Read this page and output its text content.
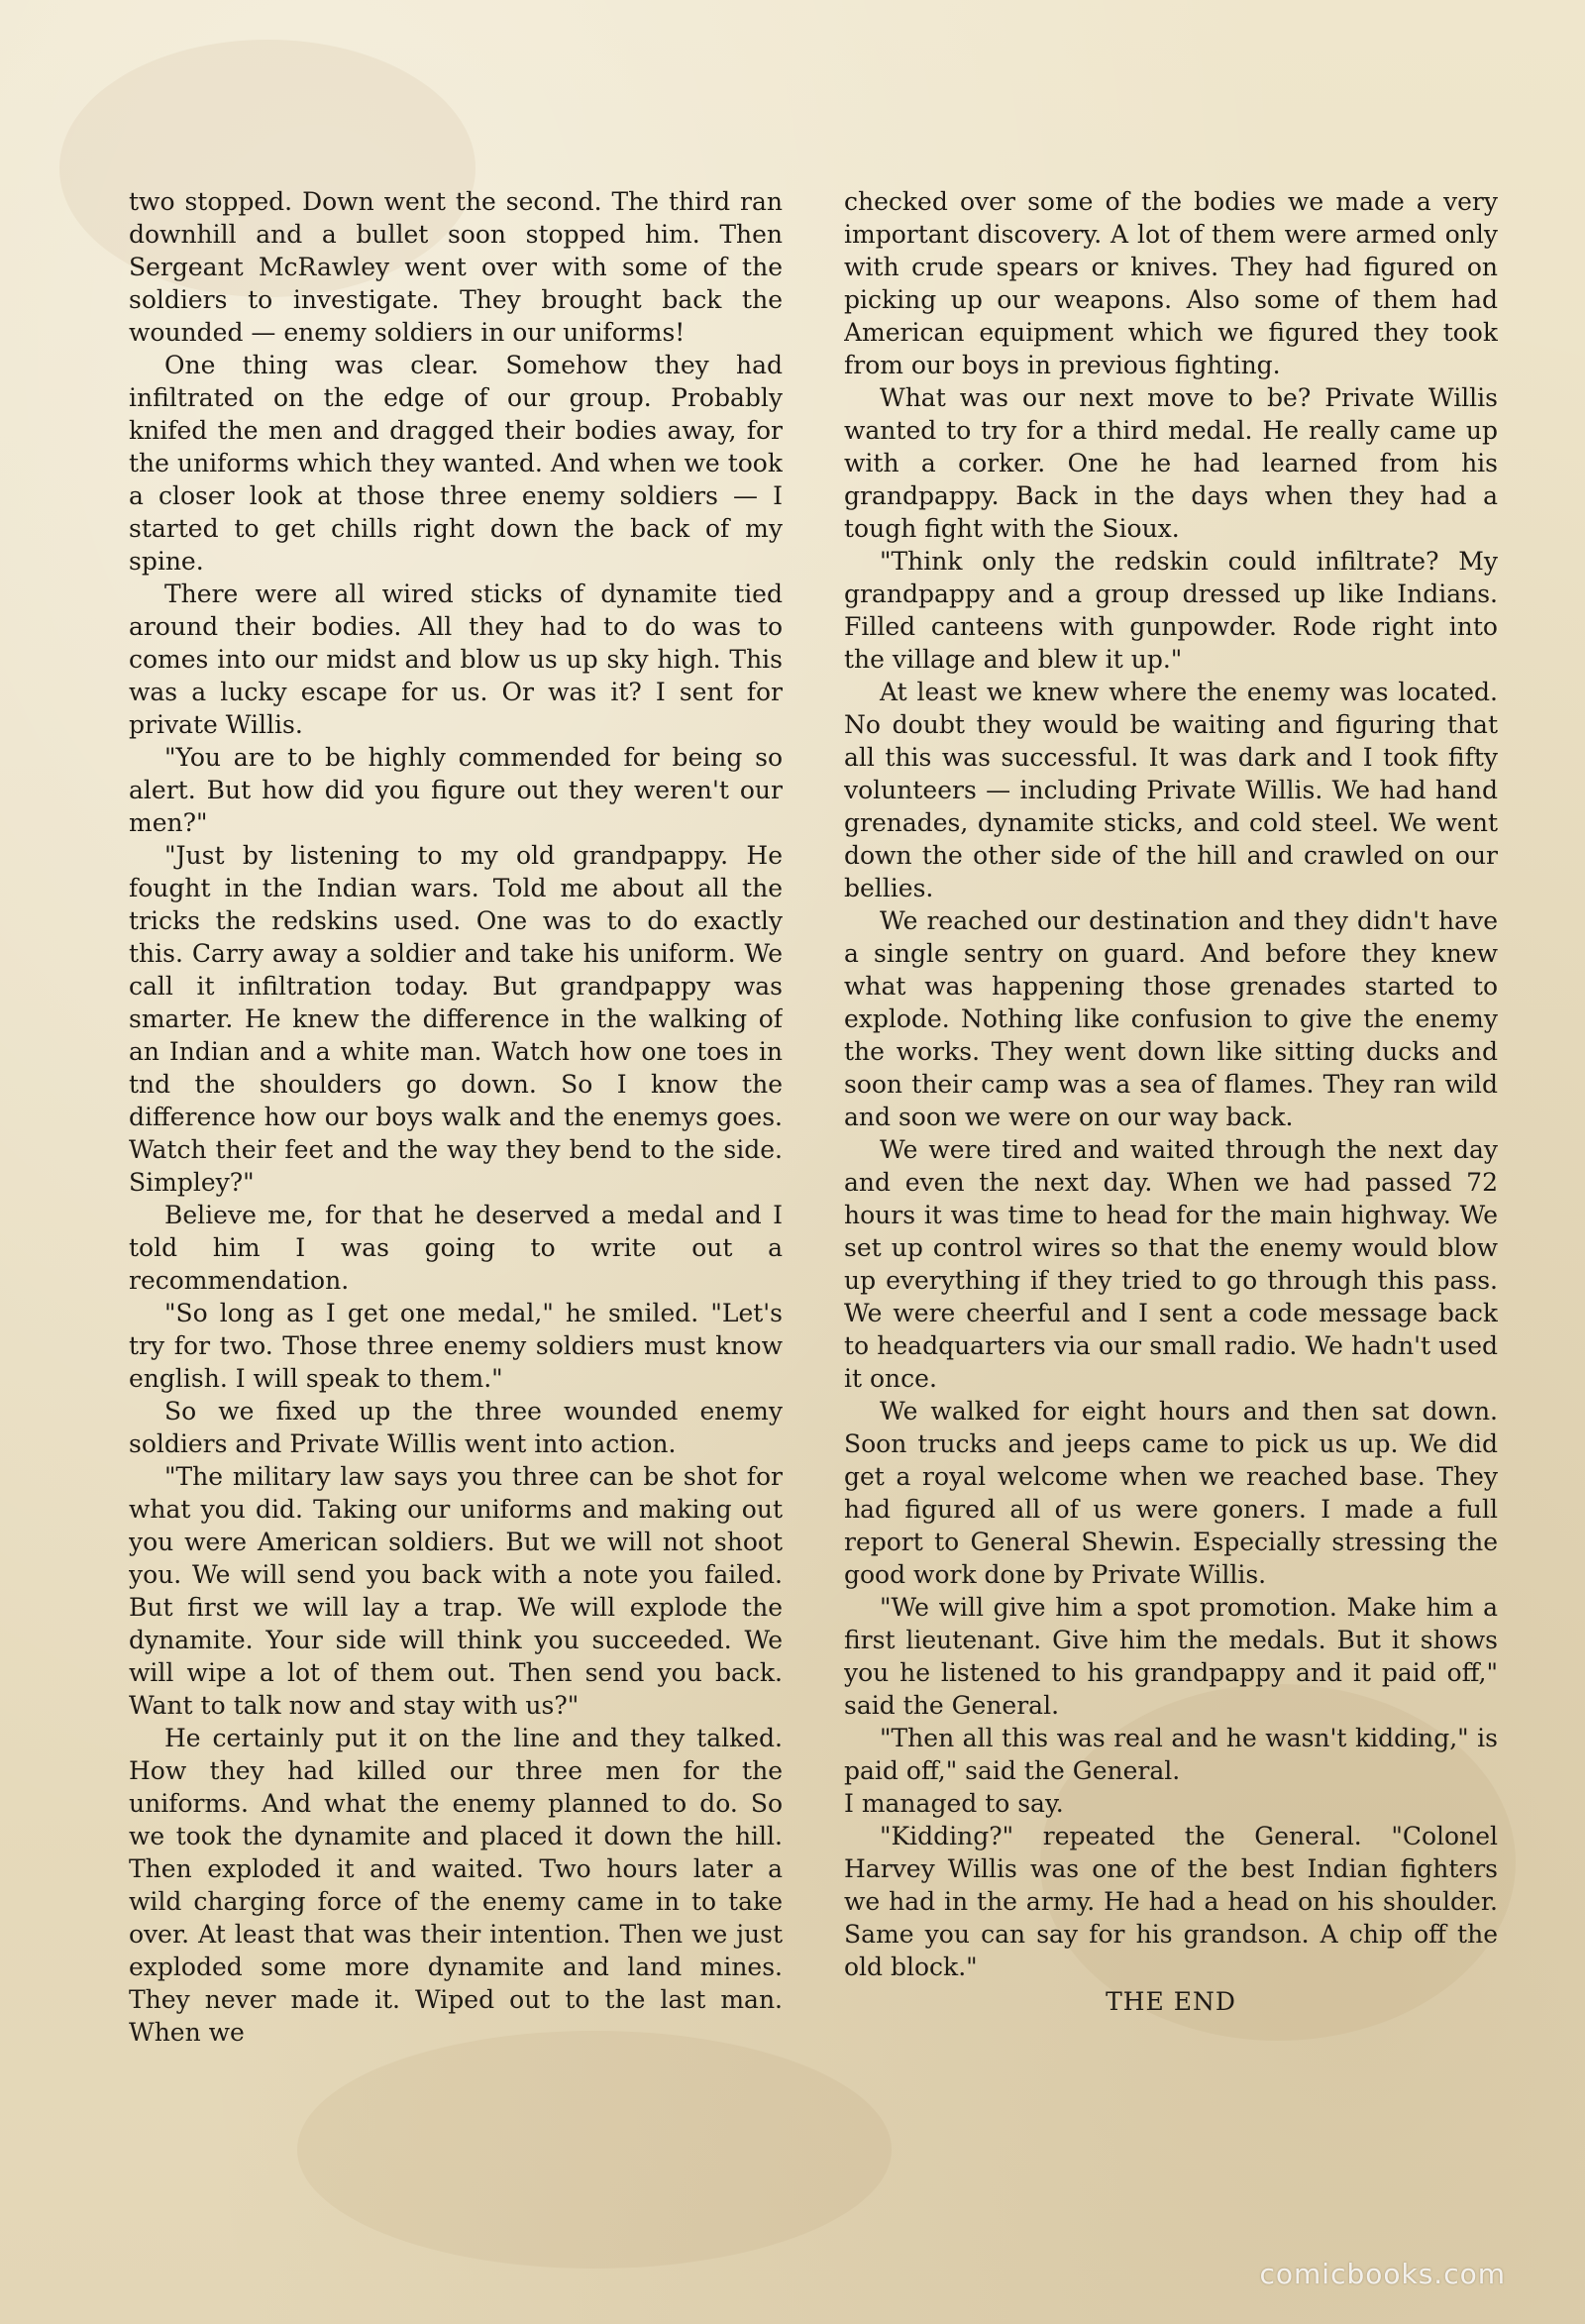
two stopped. Down went the second. The third ran downhill and a bullet soon stopped him. Then Sergeant McRawley went over with some of the soldiers to investigate. They brought back the wounded — enemy soldiers in our uniforms!

One thing was clear. Somehow they had infiltrated on the edge of our group. Probably knifed the men and dragged their bodies away, for the uniforms which they wanted. And when we took a closer look at those three enemy soldiers — I started to get chills right down the back of my spine.

There were all wired sticks of dynamite tied around their bodies. All they had to do was to comes into our midst and blow us up sky high. This was a lucky escape for us. Or was it? I sent for private Willis.

"You are to be highly commended for being so alert. But how did you figure out they weren't our men?"

"Just by listening to my old grandpappy. He fought in the Indian wars. Told me about all the tricks the redskins used. One was to do exactly this. Carry away a soldier and take his uniform. We call it infiltration today. But grandpappy was smarter. He knew the difference in the walking of an Indian and a white man. Watch how one toes in tnd the shoulders go down. So I know the difference how our boys walk and the enemys goes. Watch their feet and the way they bend to the side. Simpley?"

Believe me, for that he deserved a medal and I told him I was going to write out a recommendation.

"So long as I get one medal," he smiled. "Let's try for two. Those three enemy soldiers must know english. I will speak to them."

So we fixed up the three wounded enemy soldiers and Private Willis went into action.

"The military law says you three can be shot for what you did. Taking our uniforms and making out you were American soldiers. But we will not shoot you. We will send you back with a note you failed. But first we will lay a trap. We will explode the dynamite. Your side will think you succeeded. We will wipe a lot of them out. Then send you back. Want to talk now and stay with us?"

He certainly put it on the line and they talked. How they had killed our three men for the uniforms. And what the enemy planned to do. So we took the dynamite and placed it down the hill. Then exploded it and waited. Two hours later a wild charging force of the enemy came in to take over. At least that was their intention. Then we just exploded some more dynamite and land mines. They never made it. Wiped out to the last man. When we

checked over some of the bodies we made a very important discovery. A lot of them were armed only with crude spears or knives. They had figured on picking up our weapons. Also some of them had American equipment which we figured they took from our boys in previous fighting.

What was our next move to be? Private Willis wanted to try for a third medal. He really came up with a corker. One he had learned from his grandpappy. Back in the days when they had a tough fight with the Sioux.

"Think only the redskin could infiltrate? My grandpappy and a group dressed up like Indians. Filled canteens with gunpowder. Rode right into the village and blew it up."

At least we knew where the enemy was located. No doubt they would be waiting and figuring that all this was successful. It was dark and I took fifty volunteers — including Private Willis. We had hand grenades, dynamite sticks, and cold steel. We went down the other side of the hill and crawled on our bellies.

We reached our destination and they didn't have a single sentry on guard. And before they knew what was happening those grenades started to explode. Nothing like confusion to give the enemy the works. They went down like sitting ducks and soon their camp was a sea of flames. They ran wild and soon we were on our way back.

We were tired and waited through the next day and even the next day. When we had passed 72 hours it was time to head for the main highway. We set up control wires so that the enemy would blow up everything if they tried to go through this pass. We were cheerful and I sent a code message back to headquarters via our small radio. We hadn't used it once.

We walked for eight hours and then sat down. Soon trucks and jeeps came to pick us up. We did get a royal welcome when we reached base. They had figured all of us were goners. I made a full report to General Shewin. Especially stressing the good work done by Private Willis.

"We will give him a spot promotion. Make him a first lieutenant. Give him the medals. But it shows you he listened to his grandpappy and it paid off," said the General.

"Then all this was real and he wasn't kidding," is paid off," said the General.

I managed to say.

"Kidding?" repeated the General. "Colonel Harvey Willis was one of the best Indian fighters we had in the army. He had a head on his shoulder. Same you can say for his grandson. A chip off the old block."

THE END

comicbooks.com
